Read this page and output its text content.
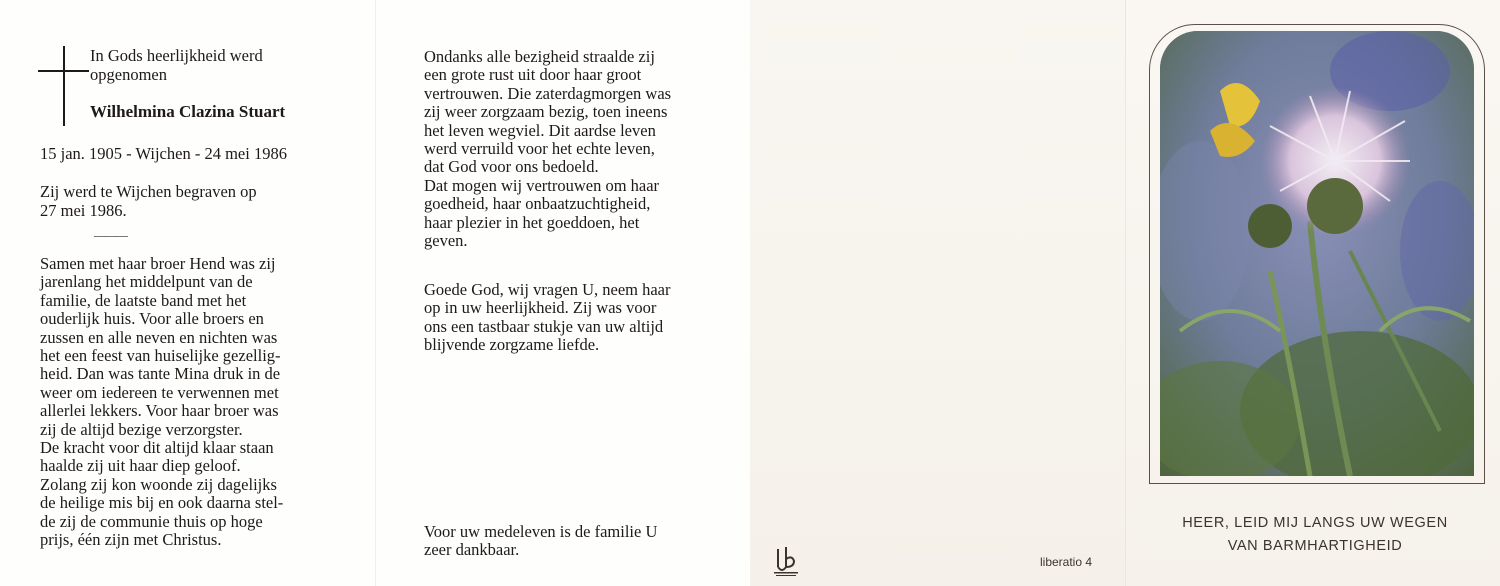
In Gods heerlijkheid werd
opgenomen
Wilhelmina Clazina Stuart
15 jan. 1905 - Wijchen - 24 mei 1986
Zij werd te Wijchen begraven op
27 mei 1986.
———
Samen met haar broer Hend was zij
jarenlang het middelpunt van de
familie, de laatste band met het
ouderlijk huis. Voor alle broers en
zussen en alle neven en nichten was
het een feest van huiselijke gezellig-
heid. Dan was tante Mina druk in de
weer om iedereen te verwennen met
allerlei lekkers. Voor haar broer was
zij de altijd bezige verzorgster.
De kracht voor dit altijd klaar staan
haalde zij uit haar diep geloof.
Zolang zij kon woonde zij dagelijks
de heilige mis bij en ook daarna stel-
de zij de communie thuis op hoge
prijs, één zijn met Christus.
Ondanks alle bezigheid straalde zij
een grote rust uit door haar groot
vertrouwen. Die zaterdagmorgen was
zij weer zorgzaam bezig, toen ineens
het leven wegviel. Dit aardse leven
werd verruild voor het echte leven,
dat God voor ons bedoeld.
Dat mogen wij vertrouwen om haar
goedheid, haar onbaatzuchtigheid,
haar plezier in het goeddoen, het
geven.
Goede God, wij vragen U, neem haar
op in uw heerlijkheid. Zij was voor
ons een tastbaar stukje van uw altijd
blijvende zorgzame liefde.
Voor uw medeleven is de familie U
zeer dankbaar.
liberatio 4
HEER, LEID MIJ LANGS UW WEGEN
VAN BARMHARTIGHEID
